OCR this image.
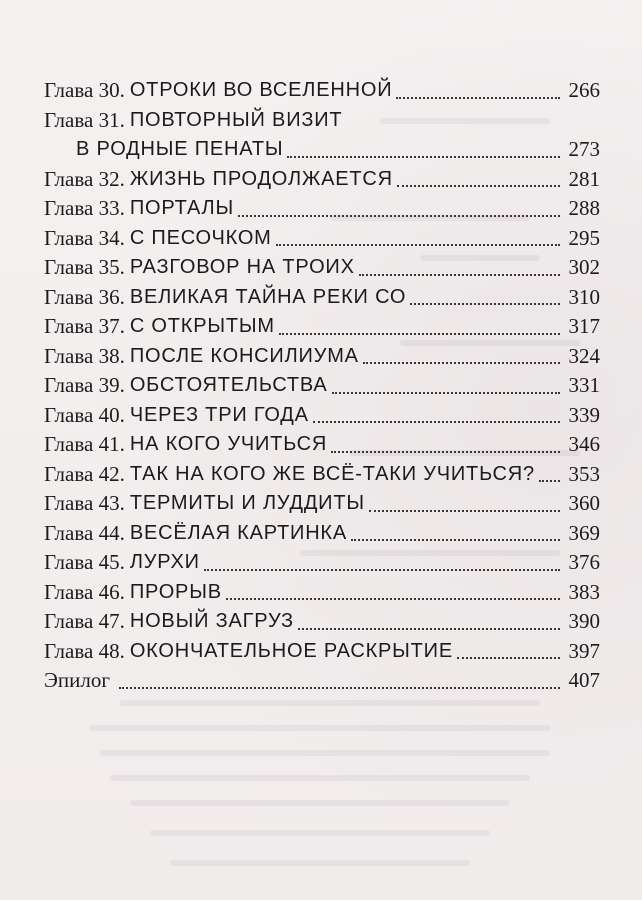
Глава 30. ОТРОКИ ВО ВСЕЛЕННОЙ	266
Глава 31. ПОВТОРНЫЙ ВИЗИТ
В РОДНЫЕ ПЕНАТЫ	273
Глава 32. ЖИЗНЬ ПРОДОЛЖАЕТСЯ	281
Глава 33. ПОРТАЛЫ	288
Глава 34. С ПЕСОЧКОМ	295
Глава 35. РАЗГОВОР НА ТРОИХ	302
Глава 36. ВЕЛИКАЯ ТАЙНА РЕКИ СО	310
Глава 37. С ОТКРЫТЫМ	317
Глава 38. ПОСЛЕ КОНСИЛИУМА	324
Глава 39. ОБСТОЯТЕЛЬСТВА	331
Глава 40. ЧЕРЕЗ ТРИ ГОДА	339
Глава 41. НА КОГО УЧИТЬСЯ	346
Глава 42. ТАК НА КОГО ЖЕ ВСЁ-ТАКИ УЧИТЬСЯ? 353
Глава 43. ТЕРМИТЫ И ЛУДДИТЫ	360
Глава 44. ВЕСЁЛАЯ КАРТИНКА	369
Глава 45. ЛУРХИ	376
Глава 46. ПРОРЫВ	383
Глава 47. НОВЫЙ ЗАГРУЗ	390
Глава 48. ОКОНЧАТЕЛЬНОЕ РАСКРЫТИЕ	397
Эпилог	407
